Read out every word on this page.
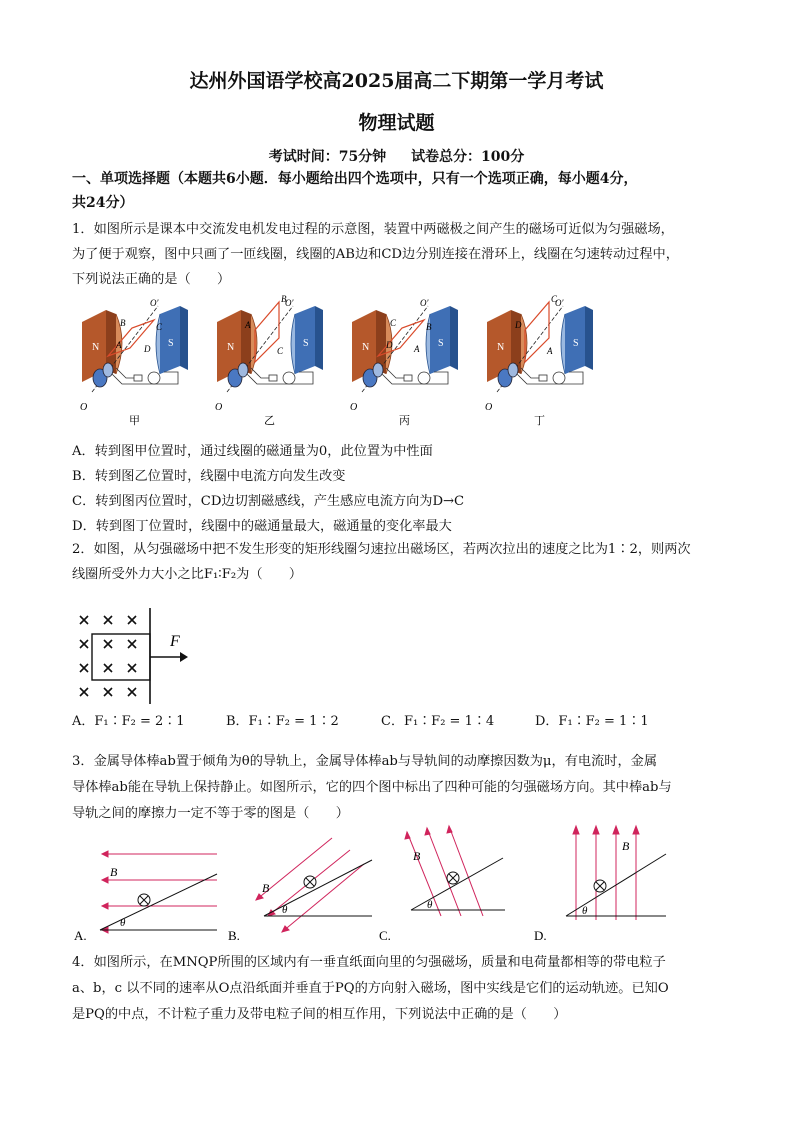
达州外国语学校高2025届高二下期第一学月考试
物理试题
考试时间：75分钟 试卷总分：100分
一、单项选择题（本题共6小题．每小题给出四个选项中，只有一个选项正确，每小题4分，
共24分）
1．如图所示是课本中交流发电机发电过程的示意图，装置中两磁极之间产生的磁场可近似为匀强磁场，
为了便于观察，图中只画了一匝线圈，线圈的AB边和CD边分别连接在滑环上，线圈在匀速转动过程中，
下列说法正确的是（　　）
N	S
O
O′
B
A	D
C
甲
N	S
O
O′
B
A
C
乙
N	S
O
O′
C
D A
B
丙
N	S
O
O′
C
D
A
丁
A．转到图甲位置时，通过线圈的磁通量为0，此位置为中性面
B．转到图乙位置时，线圈中电流方向发生改变
C．转到图丙位置时，CD边切割磁感线，产生感应电流方向为D→C
D．转到图丁位置时，线圈中的磁通量最大，磁通量的变化率最大
2．如图，从匀强磁场中把不发生形变的矩形线圈匀速拉出磁场区，若两次拉出的速度之比为1∶2，则两次
线圈所受外力大小之比F₁∶F₂为（　　）
F
A．F₁∶F₂ = 2∶1	B．F₁∶F₂ = 1∶2	C．F₁∶F₂ = 1∶4	D．F₁∶F₂ = 1∶1
3．金属导体棒ab置于倾角为θ的导轨上，金属导体棒ab与导轨间的动摩擦因数为μ，有电流时，金属
导体棒ab能在导轨上保持静止。如图所示，它的四个图中标出了四种可能的匀强磁场方向。其中棒ab与
导轨之间的摩擦力一定不等于零的图是（　　）
B
θ
A.
B
θ
B.
B
θ
C.
B
θ
D.
4．如图所示，在MNQP所围的区域内有一垂直纸面向里的匀强磁场，质量和电荷量都相等的带电粒子
a、b，c 以不同的速率从O点沿纸面并垂直于PQ的方向射入磁场，图中实线是它们的运动轨迹。已知O
是PQ的中点，不计粒子重力及带电粒子间的相互作用，下列说法中正确的是（　　）
